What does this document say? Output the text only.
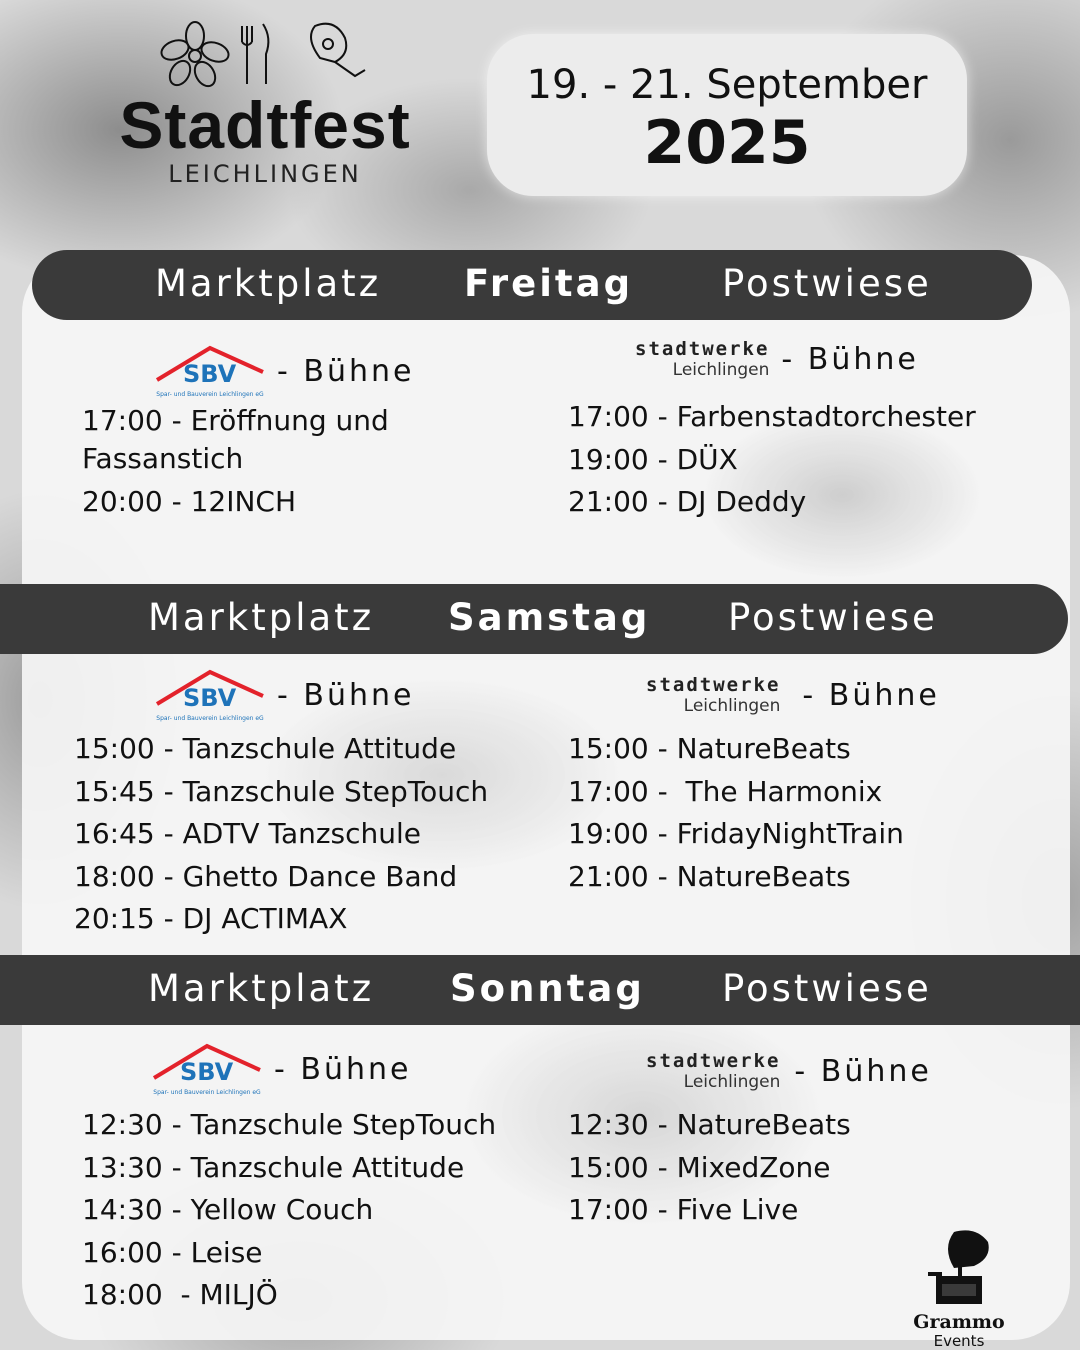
Stadtfest
LEICHLINGEN
19. - 21. September
2025
Marktplatz Freitag Postwiese
SBV
Spar- und Bauverein Leichlingen eG
- Bühne
stadtwerke
Leichlingen - Bühne
17:00 - Eröffnung und
Fassanstich
20:00 - 12INCH
17:00 - Farbenstadtorchester
19:00 - DÜX
21:00 - DJ Deddy
Marktplatz Samstag Postwiese
SBV
Spar- und Bauverein Leichlingen eG
- Bühne	stadtwerke
Leichlingen - Bühne
15:00 - Tanzschule Attitude
15:45 - Tanzschule StepTouch
16:45 - ADTV Tanzschule
18:00 - Ghetto Dance Band
20:15 - DJ ACTIMAX
15:00 - NatureBeats
17:00 -  The Harmonix
19:00 - FridayNightTrain
21:00 - NatureBeats
Marktplatz Sonntag Postwiese
SBV
Spar- und Bauverein Leichlingen eG
- Bühne	stadtwerke
Leichlingen - Bühne
12:30 - Tanzschule StepTouch
13:30 - Tanzschule Attitude
14:30 - Yellow Couch
16:00 - Leise
18:00  - MILJÖ
12:30 - NatureBeats
15:00 - MixedZone
17:00 - Five Live
Grammo
Events
